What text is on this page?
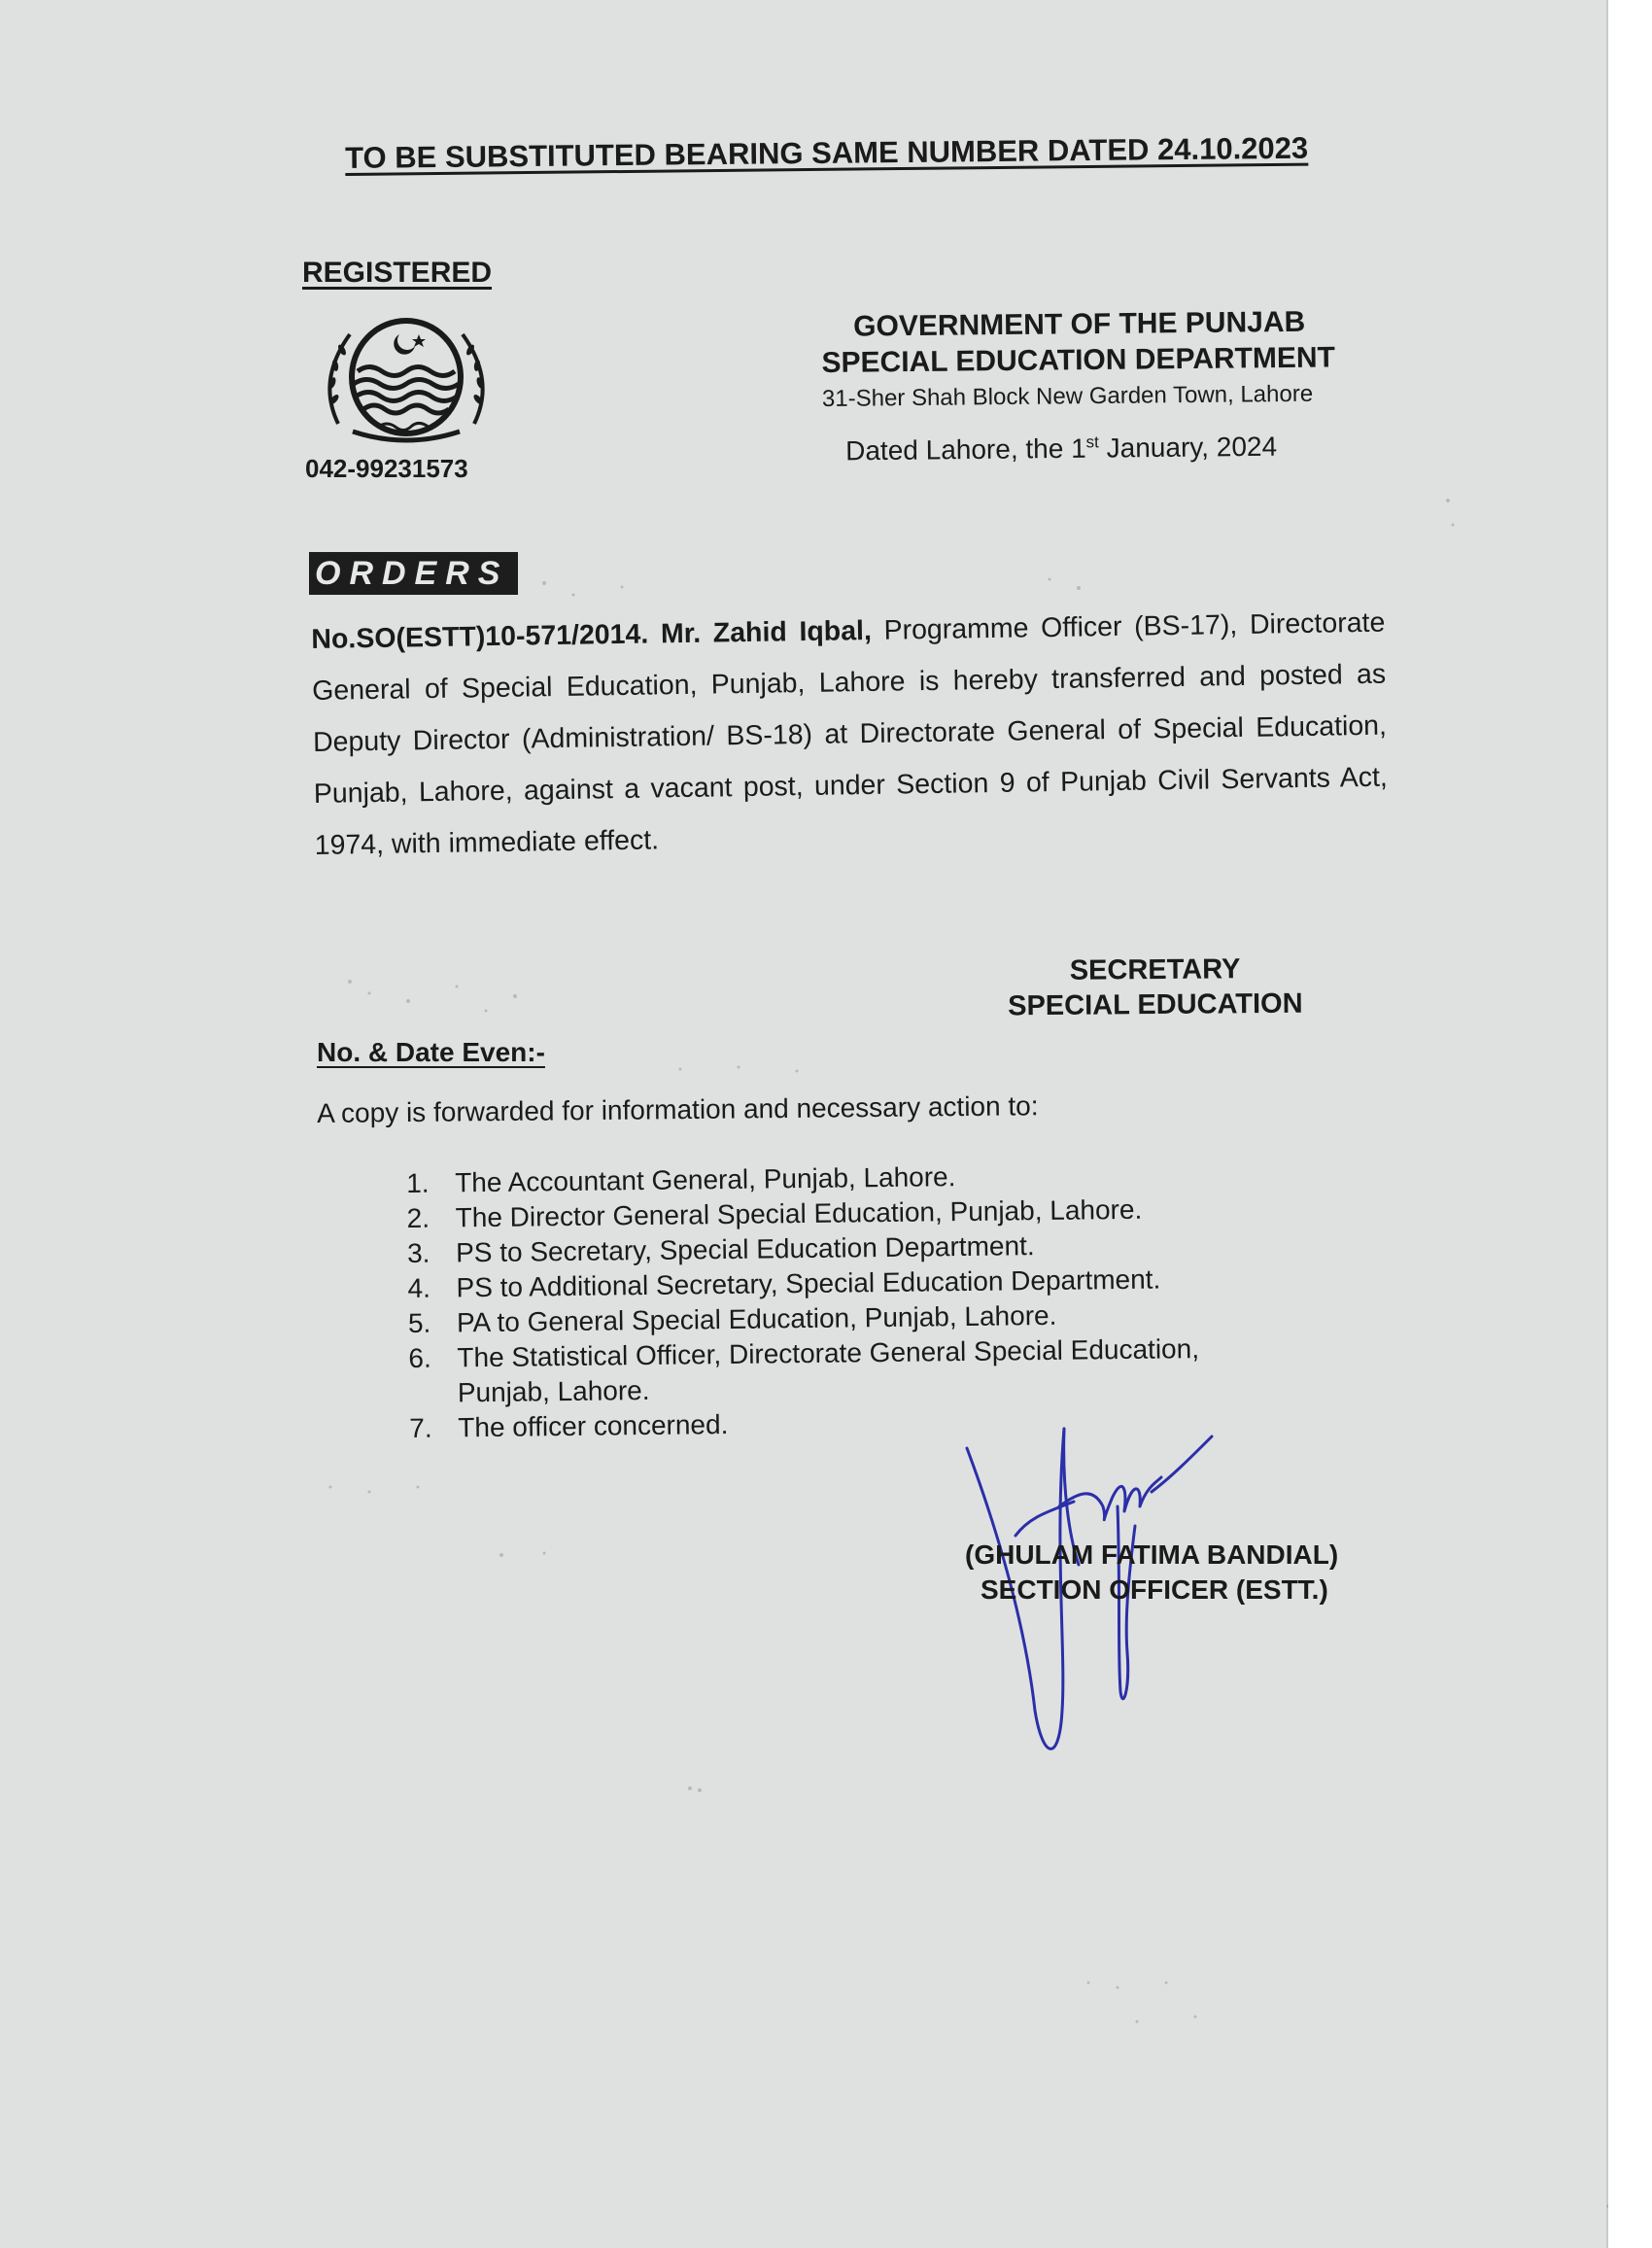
TO BE SUBSTITUTED BEARING SAME NUMBER DATED 24.10.2023
REGISTERED
042-99231573
GOVERNMENT OF THE PUNJAB
SPECIAL EDUCATION DEPARTMENT
31-Sher Shah Block New Garden Town, Lahore
Dated Lahore, the 1st January, 2024
ORDERS
No.SO(ESTT)10-571/2014. Mr. Zahid Iqbal, Programme Officer (BS-17), Directorate General of Special Education, Punjab, Lahore is hereby transferred and posted as Deputy Director (Administration/ BS-18) at Directorate General of Special Education, Punjab, Lahore, against a vacant post, under Section 9 of Punjab Civil Servants Act, 1974, with immediate effect.
SECRETARY
SPECIAL EDUCATION
No. & Date Even:-
A copy is forwarded for information and necessary action to:
1. The Accountant General, Punjab, Lahore.
2. The Director General Special Education, Punjab, Lahore.
3. PS to Secretary, Special Education Department.
4. PS to Additional Secretary, Special Education Department.
5. PA to General Special Education, Punjab, Lahore.
6. The Statistical Officer, Directorate General Special Education,
Punjab, Lahore.
7. The officer concerned.
(GHULAM FATIMA BANDIAL)
SECTION OFFICER (ESTT.)
